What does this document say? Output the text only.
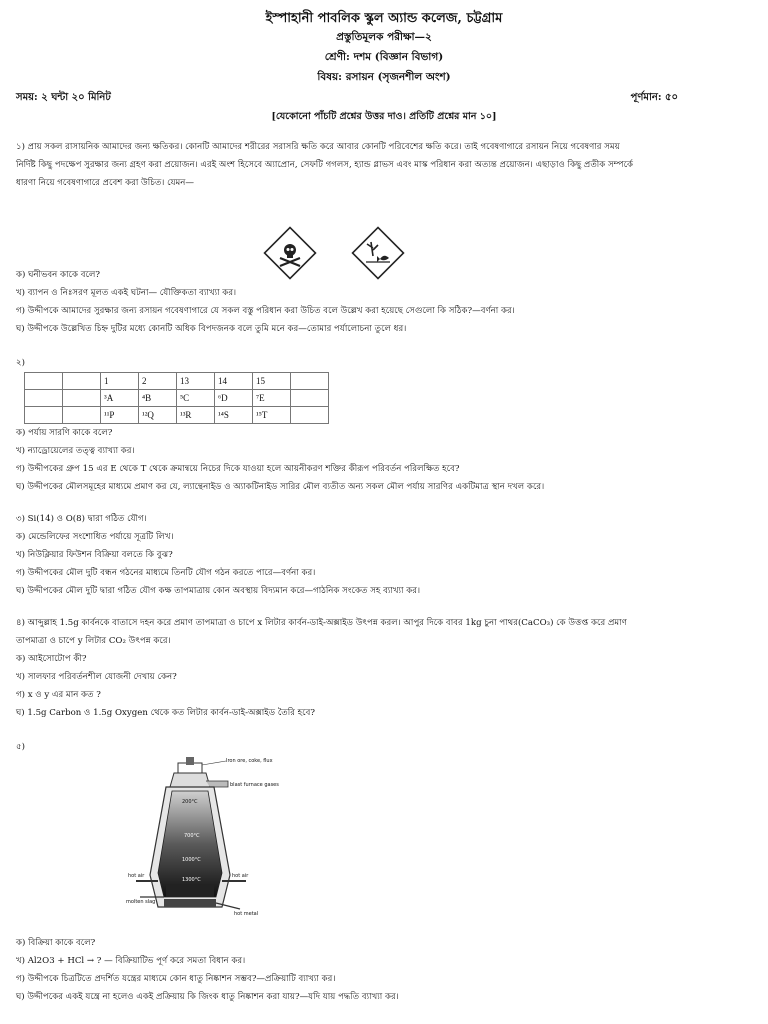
ইস্পাহানী পাবলিক স্কুল অ্যান্ড কলেজ, চট্টগ্রাম
প্রস্তুতিমূলক পরীক্ষা—২
শ্রেণী: দশম (বিজ্ঞান বিভাগ)
বিষয়: রসায়ন (সৃজনশীল অংশ)
সময়: ২ ঘন্টা ২০ মিনিট	পূর্ণমান: ৫০
[যেকোনো পাঁচটি প্রশ্নের উত্তর দাও। প্রতিটি প্রশ্নের মান ১০]
১) প্রায় সকল রাসায়নিক আমাদের জন্য ক্ষতিকর। কোনটি আমাদের শরীরের সরাসরি ক্ষতি করে আবার কোনটি পরিবেশের ক্ষতি করে। তাই গবেষণাগারে রসায়ন নিয়ে গবেষণার সময়
নির্দিষ্ট কিছু পদক্ষেপ সুরক্ষার জন্য গ্রহণ করা প্রয়োজন। এরই অংশ হিসেবে অ্যাপ্রোন, সেফটি গগলস, হ্যান্ড গ্লাভস এবং মাস্ক পরিধান করা অত্যন্ত প্রয়োজন। এছাড়াও কিছু প্রতীক সম্পর্কে
ধারণা নিয়ে গবেষণাগারে প্রবেশ করা উচিত। যেমন—
ক) ঘনীভবন কাকে বলে?
খ) ব্যাপন ও নিঃসরণ মূলত একই ঘটনা— যৌক্তিকতা ব্যাখ্যা কর।
গ) উদ্দীপকে আমাদের সুরক্ষার জন্য রসায়ন গবেষণাগারে যে সকল বস্তু পরিধান করা উচিত বলে উল্লেখ করা হয়েছে সেগুলো কি সঠিক?—বর্ণনা কর।
ঘ) উদ্দীপকে উল্লেখিত চিহ্ন দুটির মধ্যে কোনটি অধিক বিপদজনক বলে তুমি মনে কর—তোমার পর্যালোচনা তুলে ধর।
২)
		1	2	13	14	15	
		³A	⁴B	⁵C	⁶D	⁷E	
		¹¹P	¹²Q	¹³R	¹⁴S	¹⁵T	
ক) পর্যায় সারণি কাকে বলে?
খ) ন্যাড্রোয়েলের তত্ত্ব ব্যাখ্যা কর।
গ) উদ্দীপকের গ্রুপ 15 এর E থেকে T থেকে ক্রমান্বয়ে নিচের দিকে যাওয়া হলে আয়নীকরণ শক্তির কীরূপ পরিবর্তন পরিলক্ষিত হবে?
ঘ) উদ্দীপকের মৌলসমূহের মাধ্যমে প্রমাণ কর যে, ল্যান্থেনাইড ও অ্যাকটিনাইড সারির মৌল ব্যতীত অন্য সকল মৌল পর্যায় সারণির একটিমাত্র স্থান দখল করে।
৩) Si(14) ও O(8) দ্বারা গঠিত যৌগ।
ক) মেন্ডেলিফের সংশোধিত পর্যায়ে সূত্রটি লিখ।
খ) নিউক্লিয়ার ফিউশন বিক্রিয়া বলতে কি বুঝ?
গ) উদ্দীপকের মৌল দুটি বন্ধন গঠনের মাধ্যমে তিনটি যৌগ গঠন করতে পারে—বর্ণনা কর।
ঘ) উদ্দীপকের মৌল দুটি দ্বারা গঠিত যৌগ কক্ষ তাপমাত্রায় কোন অবস্থায় বিদ্যমান করে—গাঠনিক সংকেত সহ ব্যাখ্যা কর।
৪) আব্দুল্লাহ 1.5g কার্বনকে বাতাসে দহন করে প্রমাণ তাপমাত্রা ও চাপে x লিটার কার্বন-ডাই-অক্সাইড উৎপন্ন করল। আপুর দিকে বাবর 1kg চুনা পাথর(CaCO₃) কে উত্তপ্ত করে প্রমাণ
তাপমাত্রা ও চাপে y লিটার CO₂ উৎপন্ন করে।
ক) আইসোটোপ কী?
খ) সালফার পরিবর্তনশীল যোজনী দেখায় কেন?
গ) x ও y এর মান কত ?
ঘ) 1.5g Carbon ও 1.5g Oxygen থেকে কত লিটার কার্বন-ডাই-অক্সাইড তৈরি হবে?
৫)
Iron ore, coke, flux
blast furnace gases
200°C
700°C
1000°C
1300°C
hot air	hot air
molten slag
hot metal
ক) বিক্রিয়া কাকে বলে?
খ) Al2O3 + HCl → ? — বিক্রিয়াটিভ পূর্ণ করে সমতা বিধান কর।
গ) উদ্দীপকে চিত্রটিতে প্রদর্শিত যন্ত্রের মাধ্যমে কোন ধাতু নিষ্কাশন সম্ভব?—প্রক্রিয়াটি ব্যাখ্যা কর।
ঘ) উদ্দীপকের একই যন্ত্রে না হলেও একই প্রক্রিয়ায় কি জিংক ধাতু নিষ্কাশন করা যায়?—যদি যায় পদ্ধতি ব্যাখ্যা কর।
